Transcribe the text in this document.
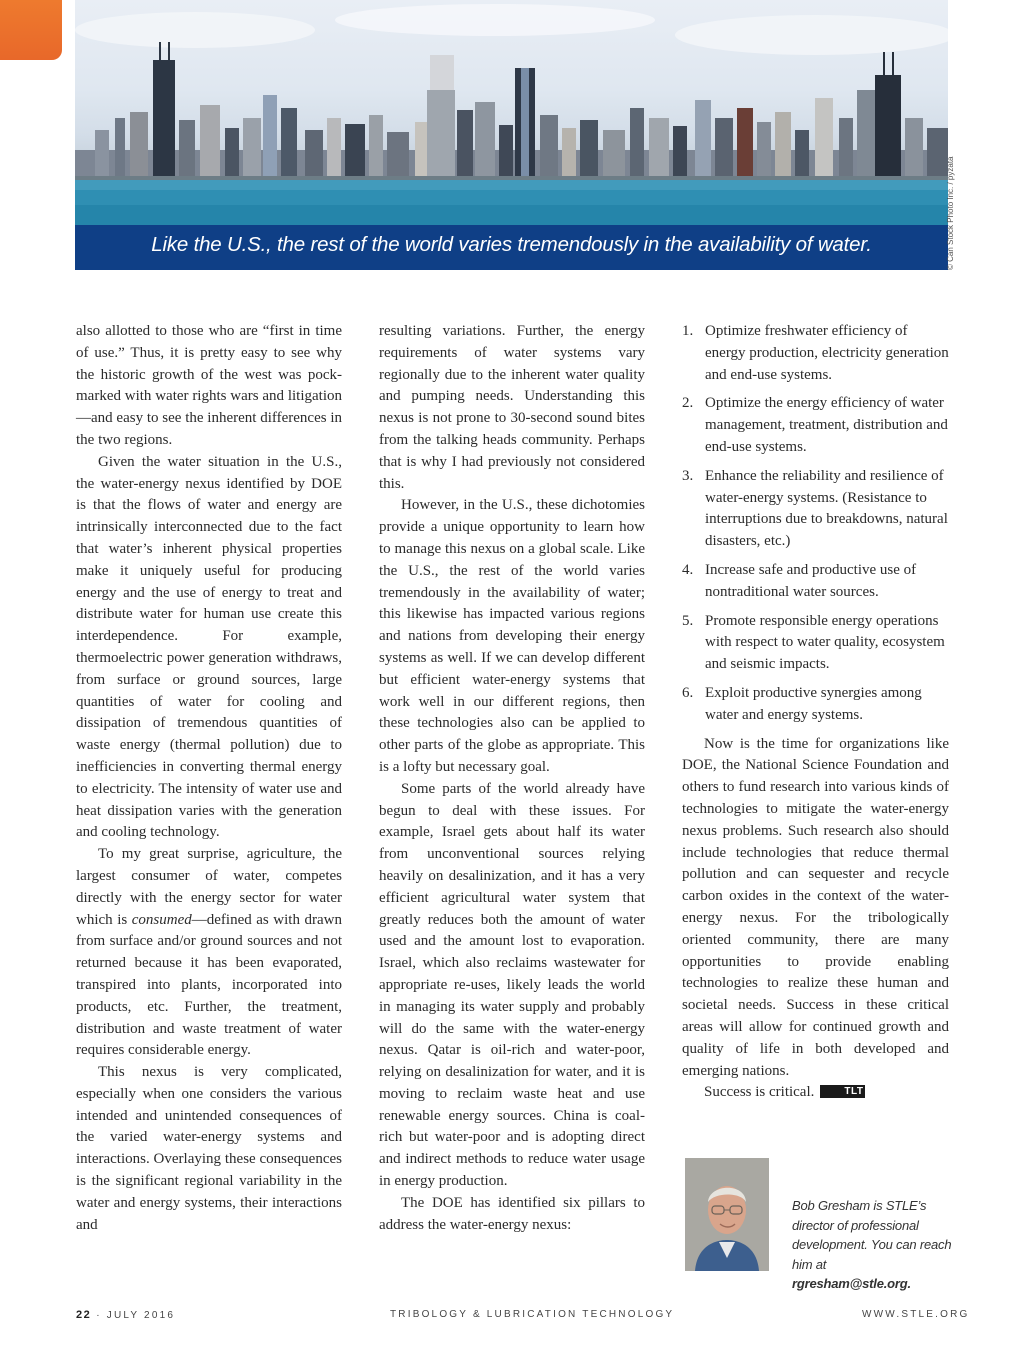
Like the U.S., the rest of the world varies tremendously in the availability of water.	© Can Stock Photo Inc. / pyzata

also allotted to those who are “first in time of use.” Thus, it is pretty easy to see why the historic growth of the west was pock-marked with water rights wars and litigation—and easy to see the inherent differences in the two regions.

Given the water situation in the U.S., the water-energy nexus identified by DOE is that the flows of water and energy are intrinsically interconnected due to the fact that water’s inherent physical properties make it uniquely useful for producing energy and the use of energy to treat and distribute water for human use create this interdependence. For example, thermoelectric power generation withdraws, from surface or ground sources, large quantities of water for cooling and dissipation of tremendous quantities of waste energy (thermal pollution) due to inefficiencies in converting thermal energy to electricity. The intensity of water use and heat dissipation varies with the generation and cooling technology.

To my great surprise, agriculture, the largest consumer of water, competes directly with the energy sector for water which is consumed—defined as with drawn from surface and/or ground sources and not returned because it has been evaporated, transpired into plants, incorporated into products, etc. Further, the treatment, distribution and waste treatment of water requires considerable energy.

This nexus is very complicated, especially when one considers the various intended and unintended consequences of the varied water-energy systems and interactions. Overlaying these consequences is the significant regional variability in the water and energy systems, their interactions and

resulting variations. Further, the energy requirements of water systems vary regionally due to the inherent water quality and pumping needs. Understanding this nexus is not prone to 30-second sound bites from the talking heads community. Perhaps that is why I had previously not considered this.

However, in the U.S., these dichotomies provide a unique opportunity to learn how to manage this nexus on a global scale. Like the U.S., the rest of the world varies tremendously in the availability of water; this likewise has impacted various regions and nations from developing their energy systems as well. If we can develop different but efficient water-energy systems that work well in our different regions, then these technologies also can be applied to other parts of the globe as appropriate. This is a lofty but necessary goal.

Some parts of the world already have begun to deal with these issues. For example, Israel gets about half its water from unconventional sources relying heavily on desalinization, and it has a very efficient agricultural water system that greatly reduces both the amount of water used and the amount lost to evaporation. Israel, which also reclaims wastewater for appropriate re-uses, likely leads the world in managing its water supply and probably will do the same with the water-energy nexus. Qatar is oil-rich and water-poor, relying on desalinization for water, and it is moving to reclaim waste heat and use renewable energy sources. China is coal-rich but water-poor and is adopting direct and indirect methods to reduce water usage in energy production.

The DOE has identified six pillars to address the water-energy nexus:

1. Optimize freshwater efficiency of energy production, electricity generation and end-use systems.
2. Optimize the energy efficiency of water management, treatment, distribution and end-use systems.
3. Enhance the reliability and resilience of water-energy systems. (Resistance to interruptions due to breakdowns, natural disasters, etc.)
4. Increase safe and productive use of nontraditional water sources.
5. Promote responsible energy operations with respect to water quality, ecosystem and seismic impacts.
6. Exploit productive synergies among water and energy systems.

Now is the time for organizations like DOE, the National Science Foundation and others to fund research into various kinds of technologies to mitigate the water-energy nexus problems. Such research also should include technologies that reduce thermal pollution and can sequester and recycle carbon oxides in the context of the water-energy nexus. For the tribologically oriented community, there are many opportunities to provide enabling technologies to realize these human and societal needs. Success in these critical areas will allow for continued growth and quality of life in both developed and emerging nations.

Success is critical.	TLT

Bob Gresham is STLE’s director of professional development. You can reach him at
rgresham@stle.org.
22 · JULY 2016	TRIBOLOGY & LUBRICATION TECHNOLOGY	WWW.STLE.ORG
